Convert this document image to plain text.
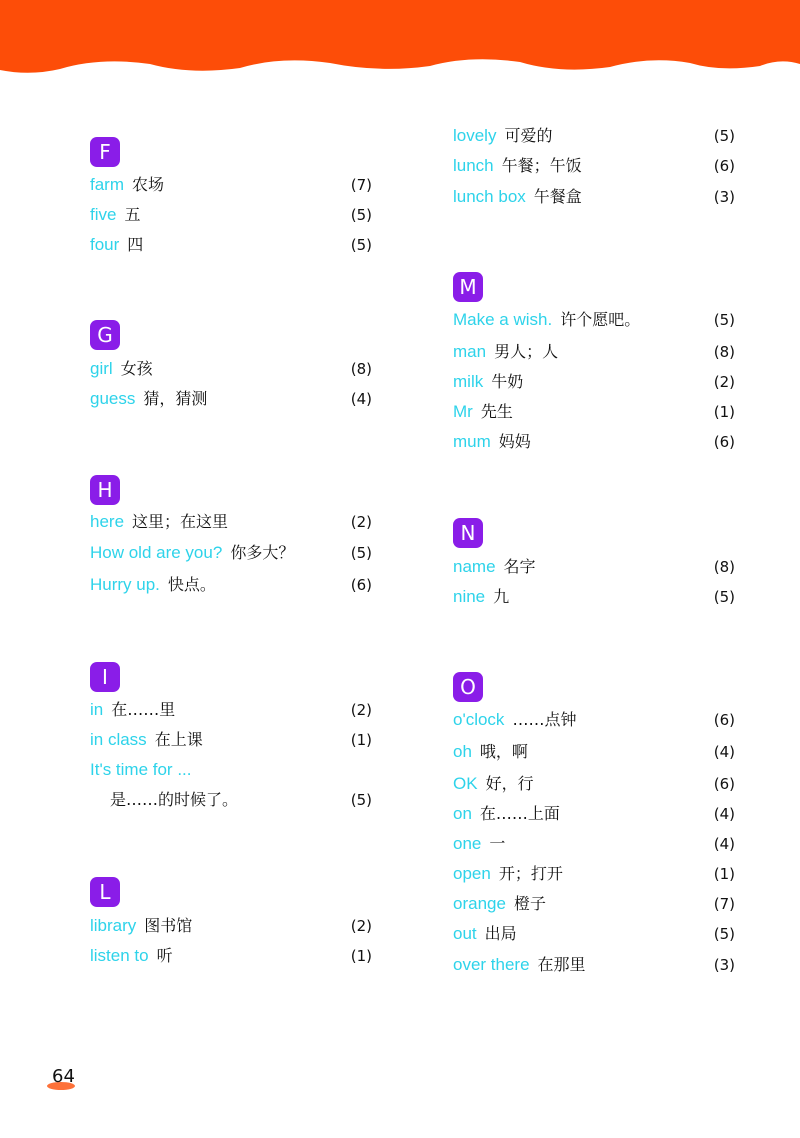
F
farm 农场	(7)
five 五	(5)
four 四	(5)
G
girl 女孩	(8)
guess 猜，猜测	(4)
H
here 这里；在这里	(2)
How old are you? 你多大？	(5)
Hurry up. 快点。	(6)
I
in 在……里	(2)
in class 在上课	(1)
It's time for ...
是……的时候了。	(5)
L
library 图书馆	(2)
listen to 听	(1)
lovely 可爱的	(5)
lunch 午餐；午饭	(6)
lunch box 午餐盒	(3)
M
Make a wish. 许个愿吧。	(5)
man 男人；人	(8)
milk 牛奶	(2)
Mr 先生	(1)
mum 妈妈	(6)
N
name 名字	(8)
nine 九	(5)
O
o'clock ……点钟	(6)
oh 哦，啊	(4)
OK 好，行	(6)
on 在……上面	(4)
one 一	(4)
open 开；打开	(1)
orange 橙子	(7)
out 出局	(5)
over there 在那里	(3)
64
